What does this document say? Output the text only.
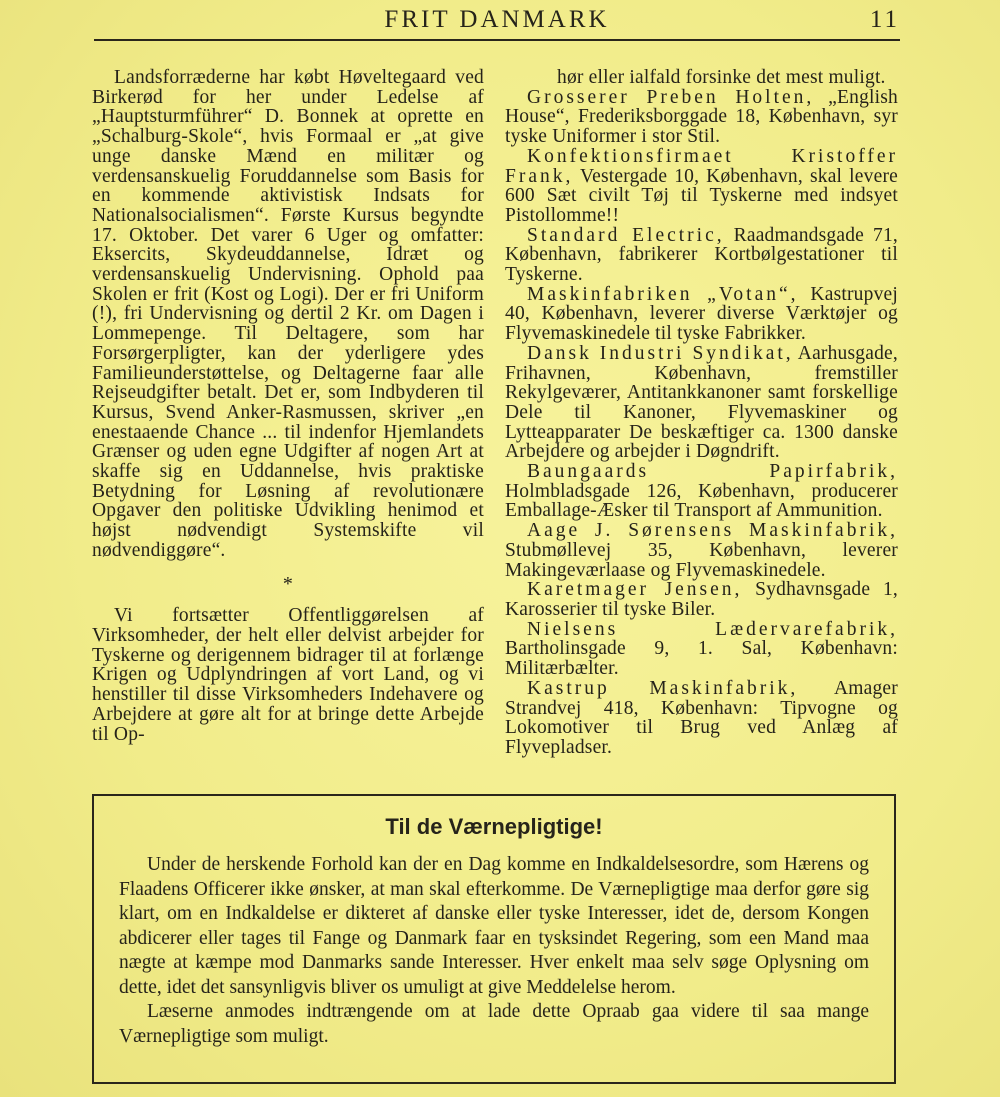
FRIT DANMARK	11

Landsforræderne har købt Høveltegaard ved Birkerød for her under Ledelse af „Hauptsturmführer“ D. Bonnek at oprette en „Schalburg-Skole“, hvis Formaal er „at give unge danske Mænd en militær og verdensanskuelig Foruddannelse som Basis for en kommende aktivistisk Indsats for Nationalsocialismen“. Første Kursus begyndte 17. Oktober. Det varer 6 Uger og omfatter: Eksercits, Skydeuddannelse, Idræt og verdensanskuelig Undervisning. Ophold paa Skolen er frit (Kost og Logi). Der er fri Uniform (!), fri Undervisning og dertil 2 Kr. om Dagen i Lommepenge. Til Deltagere, som har Forsørgerpligter, kan der yderligere ydes Familieunderstøttelse, og Deltagerne faar alle Rejseudgifter betalt. Det er, som Indbyderen til Kursus, Svend Anker-Rasmussen, skriver „en enestaaende Chance ... til indenfor Hjemlandets Grænser og uden egne Udgifter af nogen Art at skaffe sig en Uddannelse, hvis praktiske Betydning for Løsning af revolutionære Opgaver den politiske Udvikling henimod et højst nødvendigt Systemskifte vil nødvendiggøre“.

*

Vi fortsætter Offentliggørelsen af Virksomheder, der helt eller delvist arbejder for Tyskerne og derigennem bidrager til at forlænge Krigen og Udplyndringen af vort Land, og vi henstiller til disse Virksomheders Indehavere og Arbejdere at gøre alt for at bringe dette Arbejde til Op-

hør eller ialfald forsinke det mest muligt.

Grosserer Preben Holten, „English House“, Frederiksborggade 18, København, syr tyske Uniformer i stor Stil.

Konfektionsfirmaet Kristoffer Frank, Vestergade 10, København, skal levere 600 Sæt civilt Tøj til Tyskerne med indsyet Pistollomme!!

Standard Electric, Raadmandsgade 71, København, fabrikerer Kortbølgestationer til Tyskerne.

Maskinfabriken „Votan“, Kastrupvej 40, København, leverer diverse Værktøjer og Flyvemaskinedele til tyske Fabrikker.

Dansk Industri Syndikat, Aarhusgade, Frihavnen, København, fremstiller Rekylgeværer, Antitankkanoner samt forskellige Dele til Kanoner, Flyvemaskiner og Lytteapparater De beskæftiger ca. 1300 danske Arbejdere og arbejder i Døgndrift.

Baungaards Papirfabrik, Holmbladsgade 126, København, producerer Emballage-Æsker til Transport af Ammunition.

Aage J. Sørensens Maskinfabrik, Stubmøllevej 35, København, leverer Makingeværlaase og Flyvemaskinedele.

Karetmager Jensen, Sydhavnsgade 1, Karosserier til tyske Biler.

Nielsens Lædervarefabrik, Bartholinsgade 9, 1. Sal, København: Militærbælter.

Kastrup Maskinfabrik, Amager Strandvej 418, København: Tipvogne og Lokomotiver til Brug ved Anlæg af Flyvepladser.

Til de Værnepligtige!

Under de herskende Forhold kan der en Dag komme en Indkaldelsesordre, som Hærens og Flaadens Officerer ikke ønsker, at man skal efterkomme. De Værnepligtige maa derfor gøre sig klart, om en Indkaldelse er dikteret af danske eller tyske Interesser, idet de, dersom Kongen abdicerer eller tages til Fange og Danmark faar en tysksindet Regering, som een Mand maa nægte at kæmpe mod Danmarks sande Interesser. Hver enkelt maa selv søge Oplysning om dette, idet det sansynligvis bliver os umuligt at give Meddelelse herom.

Læserne anmodes indtrængende om at lade dette Opraab gaa videre til saa mange Værnepligtige som muligt.
